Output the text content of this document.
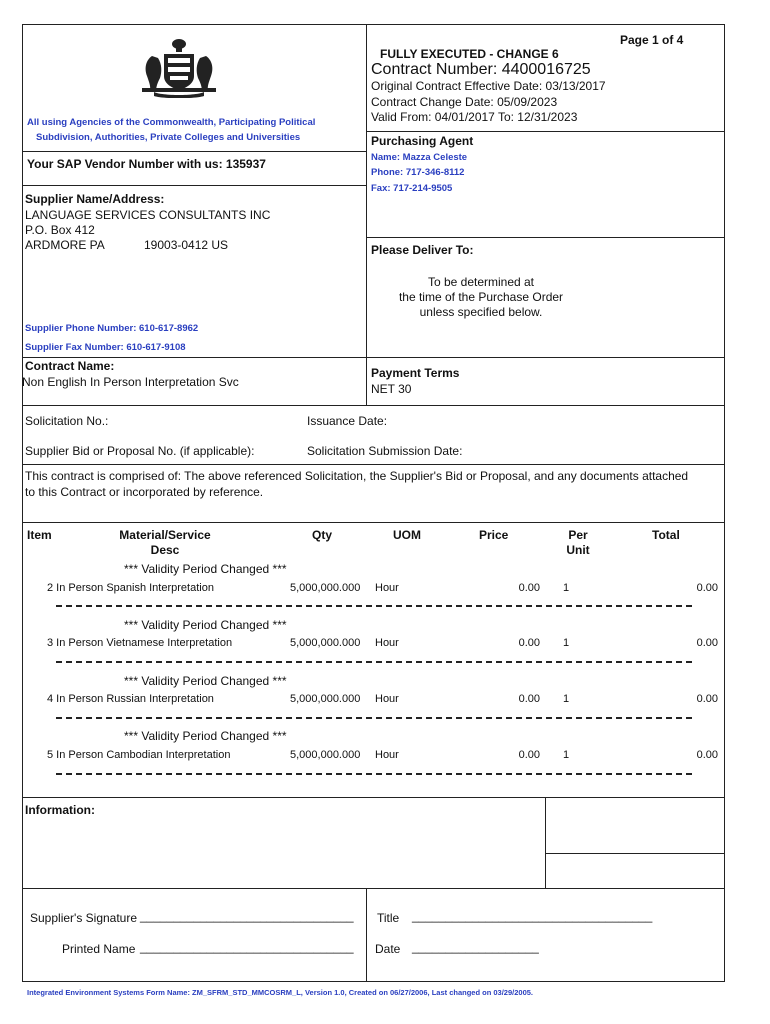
Page 1 of 4
FULLY EXECUTED - CHANGE 6
Contract Number: 4400016725
Original Contract Effective Date: 03/13/2017
Contract Change Date: 05/09/2023
Valid From: 04/01/2017 To: 12/31/2023
All using Agencies of the Commonwealth, Participating Political
Subdivision, Authorities, Private Colleges and Universities
Your SAP Vendor Number with us: 135937
Purchasing Agent
Name: Mazza Celeste
Phone: 717-346-8112
Fax: 717-214-9505
Supplier Name/Address:
LANGUAGE SERVICES CONSULTANTS INC
P.O. Box 412
ARDMORE PA	19003-0412 US
Supplier Phone Number: 610-617-8962
Supplier Fax Number: 610-617-9108
Please Deliver To:
To be determined at
the time of the Purchase Order
unless specified below.
Contract Name:
Non English In Person Interpretation Svc
Payment Terms
NET 30
Solicitation No.:	Issuance Date:
Supplier Bid or Proposal No. (if applicable):	Solicitation Submission Date:
This contract is comprised of: The above referenced Solicitation, the Supplier's Bid or Proposal, and any documents attached
to this Contract or incorporated by reference.
Item	Material/Service
Desc
Qty	UOM	Price	Per
Unit
Total
*** Validity Period Changed ***
2 In Person Spanish Interpretation	5,000,000.000 Hour	0.00 1	0.00
*** Validity Period Changed ***
3 In Person Vietnamese Interpretation	5,000,000.000 Hour	0.00 1	0.00
*** Validity Period Changed ***
4 In Person Russian Interpretation	5,000,000.000 Hour	0.00 1	0.00
*** Validity Period Changed ***
5 In Person Cambodian Interpretation	5,000,000.000 Hour	0.00 1	0.00
Information:
Supplier's Signature ________________________________
Printed Name ________________________________
Title ____________________________________
Date ___________________
Integrated Environment Systems Form Name: ZM_SFRM_STD_MMCOSRM_L, Version 1.0, Created on 06/27/2006, Last changed on 03/29/2005.
